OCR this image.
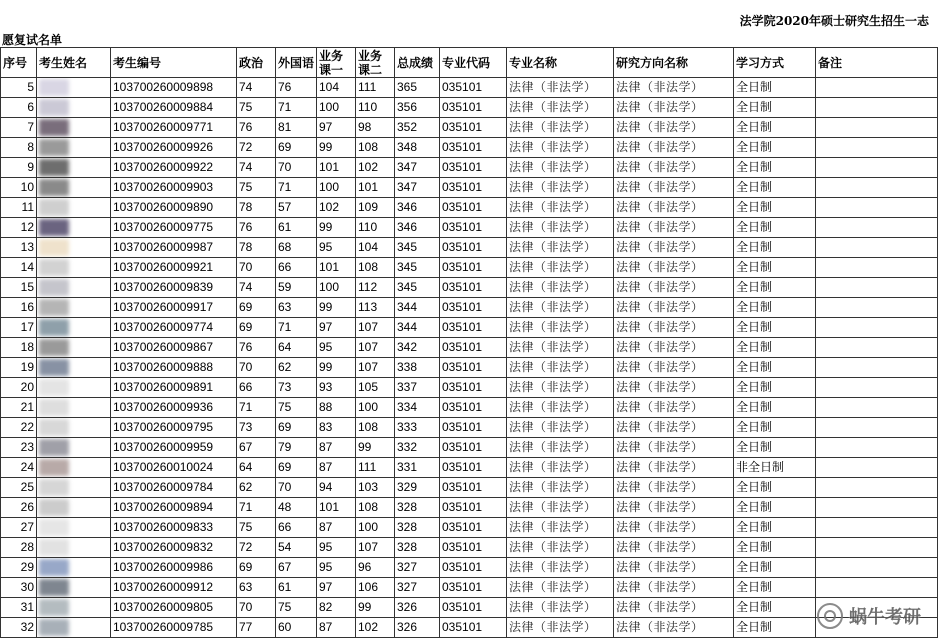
法学院2020年硕士研究生招生一志
愿复试名单
序号	考生姓名	考生编号	政治	外国语	业务课一	业务课二	总成绩	专业代码	专业名称	研究方向名称	学习方式	备注
5		103700260009898	74	76	104	111	365	035101	法律（非法学）	法律（非法学）	全日制	
6		103700260009884	75	71	100	110	356	035101	法律（非法学）	法律（非法学）	全日制	
7		103700260009771	76	81	97	98	352	035101	法律（非法学）	法律（非法学）	全日制	
8		103700260009926	72	69	99	108	348	035101	法律（非法学）	法律（非法学）	全日制	
9		103700260009922	74	70	101	102	347	035101	法律（非法学）	法律（非法学）	全日制	
10		103700260009903	75	71	100	101	347	035101	法律（非法学）	法律（非法学）	全日制	
11		103700260009890	78	57	102	109	346	035101	法律（非法学）	法律（非法学）	全日制	
12		103700260009775	76	61	99	110	346	035101	法律（非法学）	法律（非法学）	全日制	
13		103700260009987	78	68	95	104	345	035101	法律（非法学）	法律（非法学）	全日制	
14		103700260009921	70	66	101	108	345	035101	法律（非法学）	法律（非法学）	全日制	
15		103700260009839	74	59	100	112	345	035101	法律（非法学）	法律（非法学）	全日制	
16		103700260009917	69	63	99	113	344	035101	法律（非法学）	法律（非法学）	全日制	
17		103700260009774	69	71	97	107	344	035101	法律（非法学）	法律（非法学）	全日制	
18		103700260009867	76	64	95	107	342	035101	法律（非法学）	法律（非法学）	全日制	
19		103700260009888	70	62	99	107	338	035101	法律（非法学）	法律（非法学）	全日制	
20		103700260009891	66	73	93	105	337	035101	法律（非法学）	法律（非法学）	全日制	
21		103700260009936	71	75	88	100	334	035101	法律（非法学）	法律（非法学）	全日制	
22		103700260009795	73	69	83	108	333	035101	法律（非法学）	法律（非法学）	全日制	
23		103700260009959	67	79	87	99	332	035101	法律（非法学）	法律（非法学）	全日制	
24		103700260010024	64	69	87	111	331	035101	法律（非法学）	法律（非法学）	非全日制	
25		103700260009784	62	70	94	103	329	035101	法律（非法学）	法律（非法学）	全日制	
26		103700260009894	71	48	101	108	328	035101	法律（非法学）	法律（非法学）	全日制	
27		103700260009833	75	66	87	100	328	035101	法律（非法学）	法律（非法学）	全日制	
28		103700260009832	72	54	95	107	328	035101	法律（非法学）	法律（非法学）	全日制	
29		103700260009986	69	67	95	96	327	035101	法律（非法学）	法律（非法学）	全日制	
30		103700260009912	63	61	97	106	327	035101	法律（非法学）	法律（非法学）	全日制	
31		103700260009805	70	75	82	99	326	035101	法律（非法学）	法律（非法学）	全日制	
32		103700260009785	77	60	87	102	326	035101	法律（非法学）	法律（非法学）	全日制		蜗牛考研
